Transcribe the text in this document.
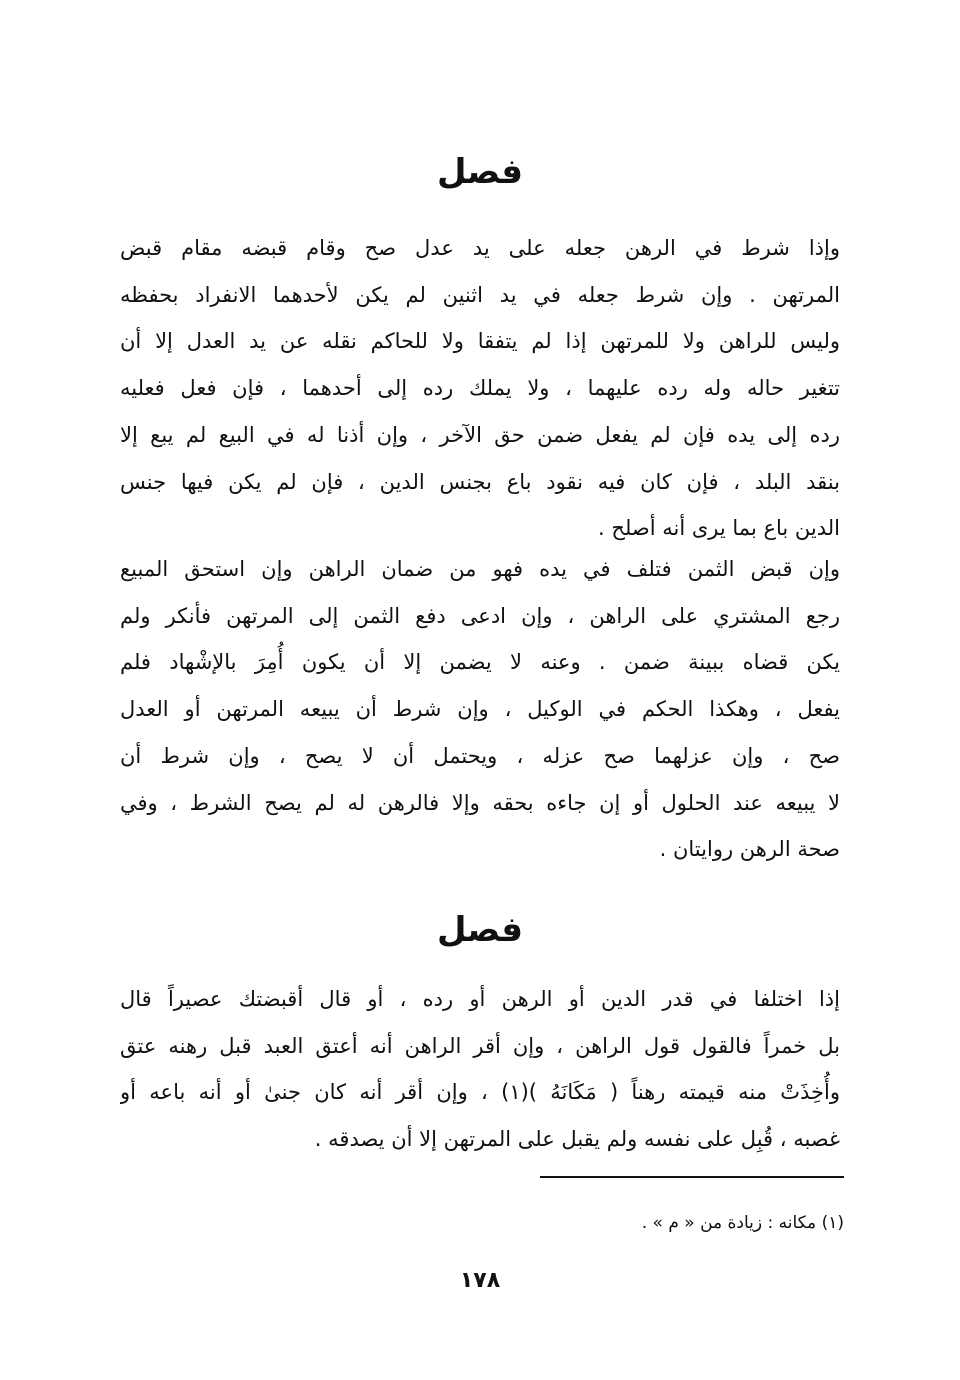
فصل
وإذا شرط في الرهن جعله على يد عدل صح وقام قبضه مقام قبض
المرتهن . وإن شرط جعله في يد اثنين لم يكن لأحدهما الانفراد بحفظه
وليس للراهن ولا للمرتهن إذا لم يتفقا ولا للحاكم نقله عن يد العدل إلا أن
تتغير حاله وله رده عليهما ، ولا يملك رده إلى أحدهما ، فإن فعل فعليه
رده إلى يده فإن لم يفعل ضمن حق الآخر ، وإن أذنا له في البيع لم يبع إلا
بنقد البلد ، فإن كان فيه نقود باع بجنس الدين ، فإن لم يكن فيها جنس
الدين باع بما يرى أنه أصلح .
وإن قبض الثمن فتلف في يده فهو من ضمان الراهن وإن استحق المبيع
رجع المشتري على الراهن ، وإن ادعى دفع الثمن إلى المرتهن فأنكر ولم
يكن قضاه ببينة ضمن . وعنه لا يضمن إلا أن يكون أُمِرَ بالإشْهاد فلم
يفعل ، وهكذا الحكم في الوكيل ، وإن شرط أن يبيعه المرتهن أو العدل
صح ، وإن عزلهما صح عزله ، ويحتمل أن لا يصح ، وإن شرط أن
لا يبيعه عند الحلول أو إن جاءه بحقه وإلا فالرهن له لم يصح الشرط ، وفي
صحة الرهن روايتان .
فصل
إذا اختلفا في قدر الدين أو الرهن أو رده ، أو قال أقبضتك عصيراً قال
بل خمراً فالقول قول الراهن ، وإن أقر الراهن أنه أعتق العبد قبل رهنه عتق
وأُخِذَتْ منه قيمته رهناً ( مَكَانَهُ )(١) ، وإن أقر أنه كان جنىٰ أو أنه باعه أو
غصبه ، قُبِل على نفسه ولم يقبل على المرتهن إلا أن يصدقه .
(١) مكانه : زيادة من « م » .
١٧٨
